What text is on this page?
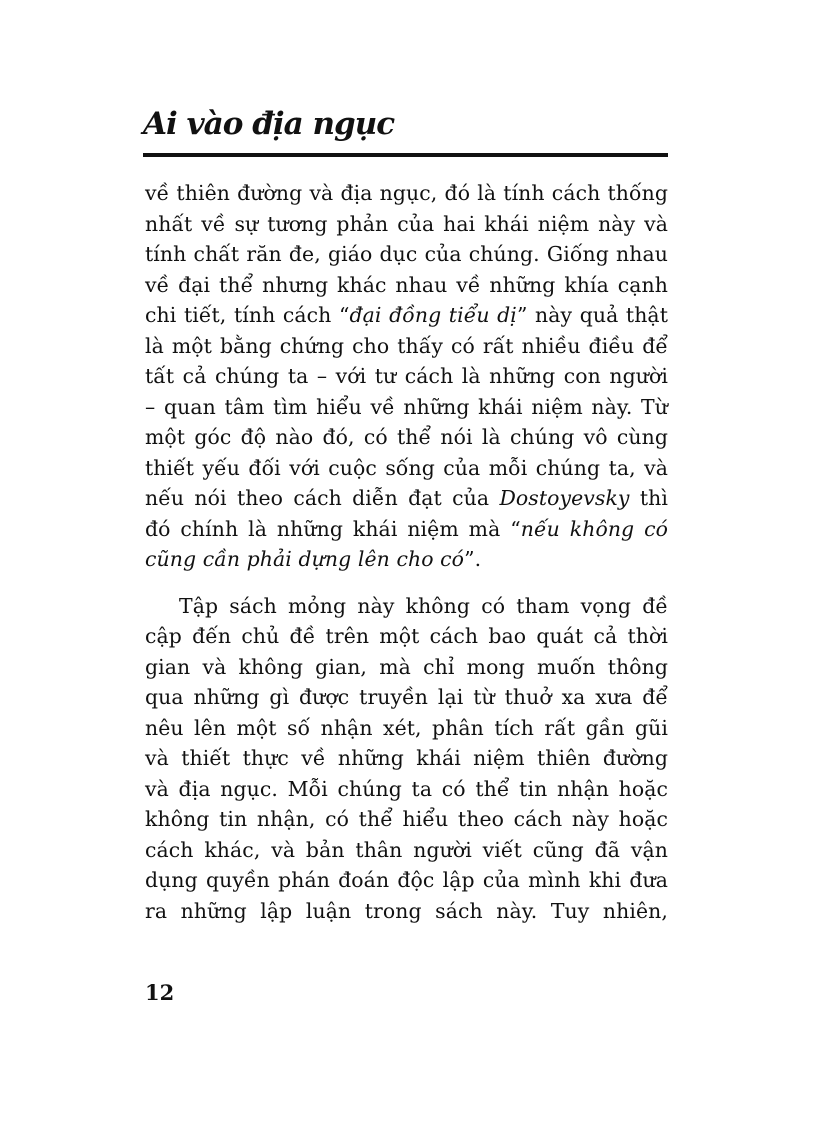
Ai vào địa ngục
về thiên đường và địa ngục, đó là tính cách thống
nhất về sự tương phản của hai khái niệm này và
tính chất răn đe, giáo dục của chúng. Giống nhau
về đại thể nhưng khác nhau về những khía cạnh
chi tiết, tính cách “đại đồng tiểu dị” này quả thật
là một bằng chứng cho thấy có rất nhiều điều để
tất cả chúng ta – với tư cách là những con người
– quan tâm tìm hiểu về những khái niệm này. Từ
một góc độ nào đó, có thể nói là chúng vô cùng
thiết yếu đối với cuộc sống của mỗi chúng ta, và
nếu nói theo cách diễn đạt của Dostoyevsky thì
đó chính là những khái niệm mà “nếu không có
cũng cần phải dựng lên cho có”.
Tập sách mỏng này không có tham vọng đề
cập đến chủ đề trên một cách bao quát cả thời
gian và không gian, mà chỉ mong muốn thông
qua những gì được truyền lại từ thuở xa xưa để
nêu lên một số nhận xét, phân tích rất gần gũi
và thiết thực về những khái niệm thiên đường
và địa ngục. Mỗi chúng ta có thể tin nhận hoặc
không tin nhận, có thể hiểu theo cách này hoặc
cách khác, và bản thân người viết cũng đã vận
dụng quyền phán đoán độc lập của mình khi đưa
ra những lập luận trong sách này. Tuy nhiên,
12
